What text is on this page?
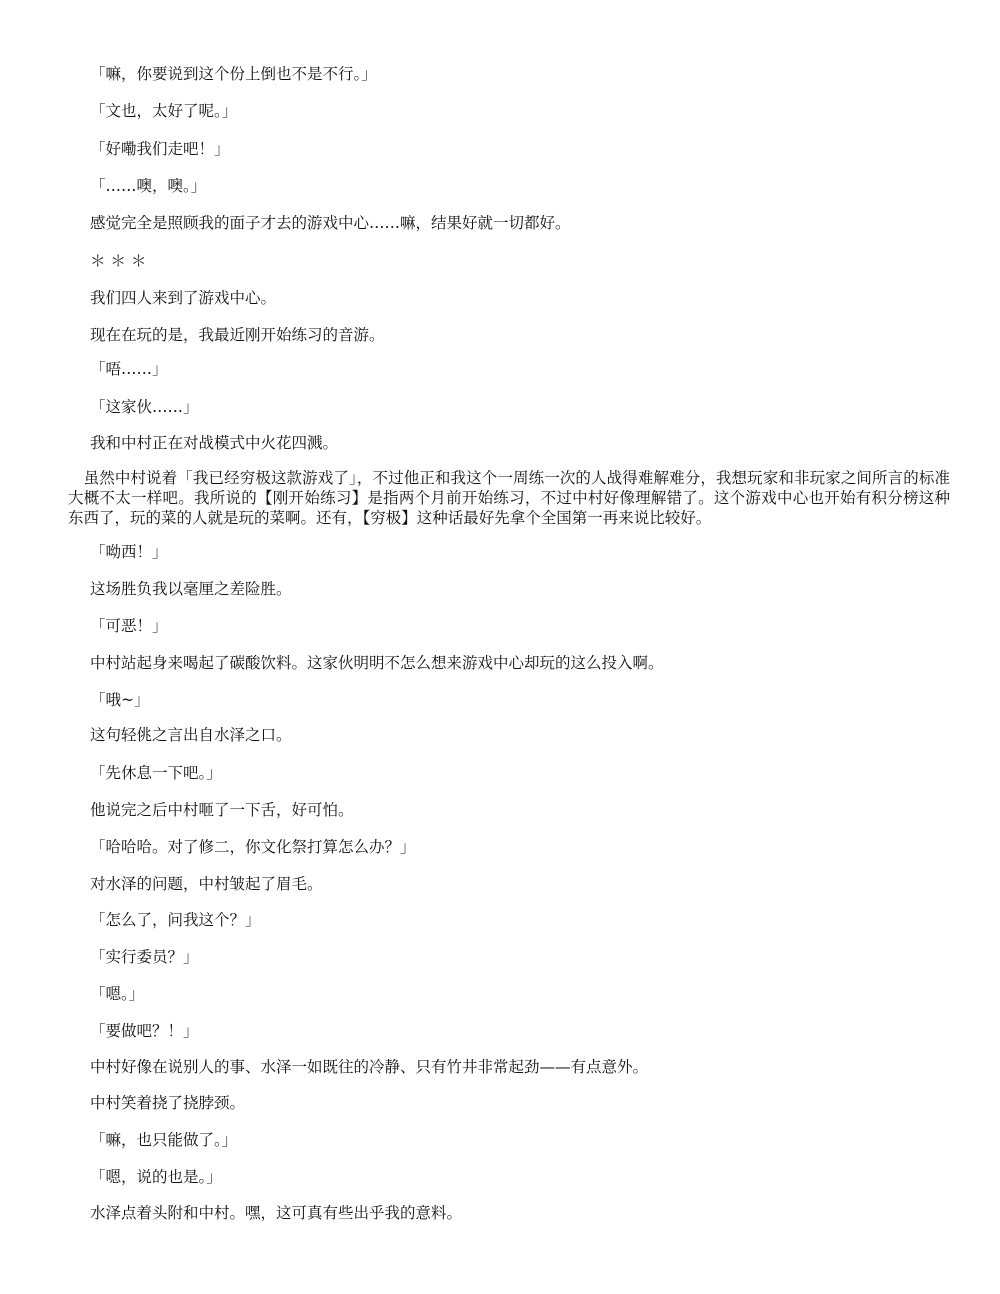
「嘛，你要说到这个份上倒也不是不行。」

「文也，太好了呢。」

「好嘞我们走吧！」

「……噢，噢。」

感觉完全是照顾我的面子才去的游戏中心……嘛，结果好就一切都好。

＊ ＊ ＊

我们四人来到了游戏中心。

现在在玩的是，我最近刚开始练习的音游。

「唔……」

「这家伙……」

我和中村正在对战模式中火花四溅。

　虽然中村说着「我已经穷极这款游戏了」，不过他正和我这个一周练一次的人战得难解难分，我想玩家和非玩家之间所言的标准大概不太一样吧。我所说的【刚开始练习】是指两个月前开始练习，不过中村好像理解错了。这个游戏中心也开始有积分榜这种东西了，玩的菜的人就是玩的菜啊。还有，【穷极】这种话最好先拿个全国第一再来说比较好。

「呦西！」

这场胜负我以毫厘之差险胜。

「可恶！」

中村站起身来喝起了碳酸饮料。这家伙明明不怎么想来游戏中心却玩的这么投入啊。

「哦~」

这句轻佻之言出自水泽之口。

「先休息一下吧。」

他说完之后中村咂了一下舌，好可怕。

「哈哈哈。对了修二，你文化祭打算怎么办？」

对水泽的问题，中村皱起了眉毛。

「怎么了，问我这个？」

「实行委员？」

「嗯。」

「要做吧？！」

中村好像在说别人的事、水泽一如既往的冷静、只有竹井非常起劲——有点意外。

中村笑着挠了挠脖颈。

「嘛，也只能做了。」

「嗯，说的也是。」

水泽点着头附和中村。嘿，这可真有些出乎我的意料。
